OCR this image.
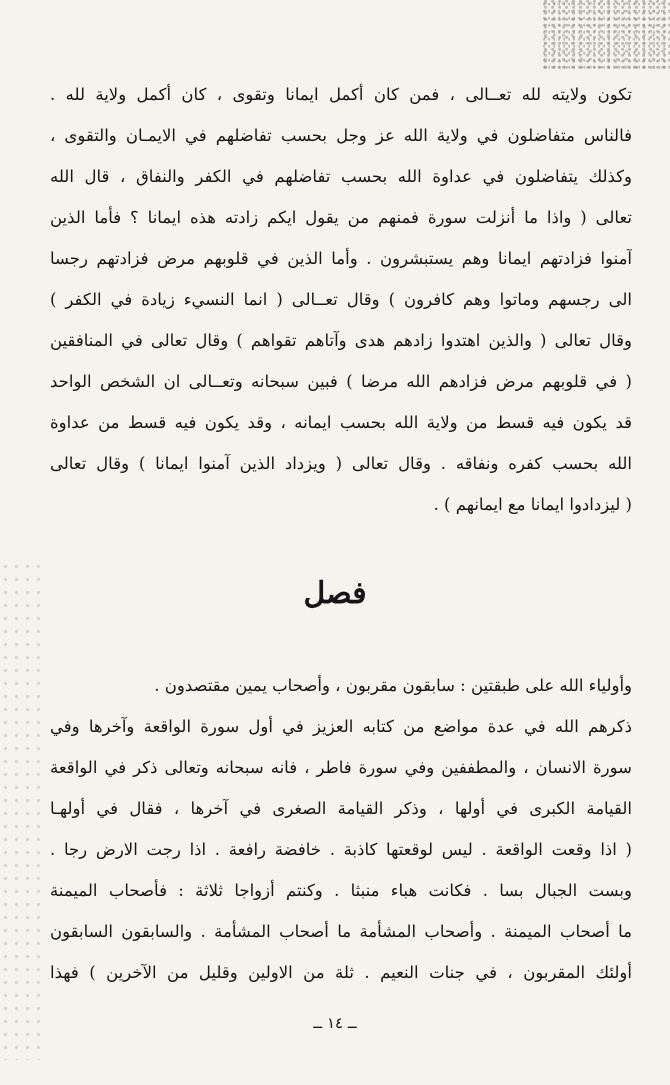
تكون ولايته لله تعــالى ، فمن كان أكمل ايمانا وتقوى ، كان أكمل ولاية لله .
فالناس متفاضلون في ولاية الله عز وجل بحسب تفاضلهم في الايمـان والتقوى ،
وكذلك يتفاضلون في عداوة الله بحسب تفاضلهم في الكفر والنفاق ، قال الله
تعالى ( واذا ما أنزلت سورة فمنهم من يقول ايكم زادته هذه ايمانا ؟ فأما الذين
آمنوا فزادتهم ايمانا وهم يستبشرون . وأما الذين في قلوبهم مرض فزادتهم رجسا
الى رجسهم وماتوا وهم كافرون ) وقال تعــالى ( انما النسيء زيادة في الكفر )
وقال تعالى ( والذين اهتدوا زادهم هدى وآتاهم تقواهم ) وقال تعالى في المنافقين
( في قلوبهم مرض فزادهم الله مرضا ) فبين سبحانه وتعــالى ان الشخص الواحد
قد يكون فيه قسط من ولاية الله بحسب ايمانه ، وقد يكون فيه قسط من عداوة
الله بحسب كفره ونفاقه . وقال تعالى ( ويزداد الذين آمنوا ايمانا ) وقال تعالى
( ليزدادوا ايمانا مع ايمانهم ) .
فصل
وأولياء الله على طبقتين : سابقون مقربون ، وأصحاب يمين مقتصدون .
ذكرهم الله في عدة مواضع من كتابه العزيز في أول سورة الواقعة وآخرها وفي
سورة الانسان ، والمطففين وفي سورة فاطر ، فانه سبحانه وتعالى ذكر في الواقعة
القيامة الكبرى في أولها ، وذكر القيامة الصغرى في آخرها ، فقال في أولهـا
( اذا وقعت الواقعة . ليس لوقعتها كاذبة . خافضة رافعة . اذا رجت الارض رجا .
وبست الجبال بسا . فكانت هباء منبثا . وكنتم أزواجا ثلاثة : فأصحاب الميمنة
ما أصحاب الميمنة . وأصحاب المشأمة ما أصحاب المشأمة . والسابقون السابقون
أولئك المقربون ، في جنات النعيم . ثلة من الاولين وقليل من الآخرين ) فهذا
ــ ١٤ ــ
